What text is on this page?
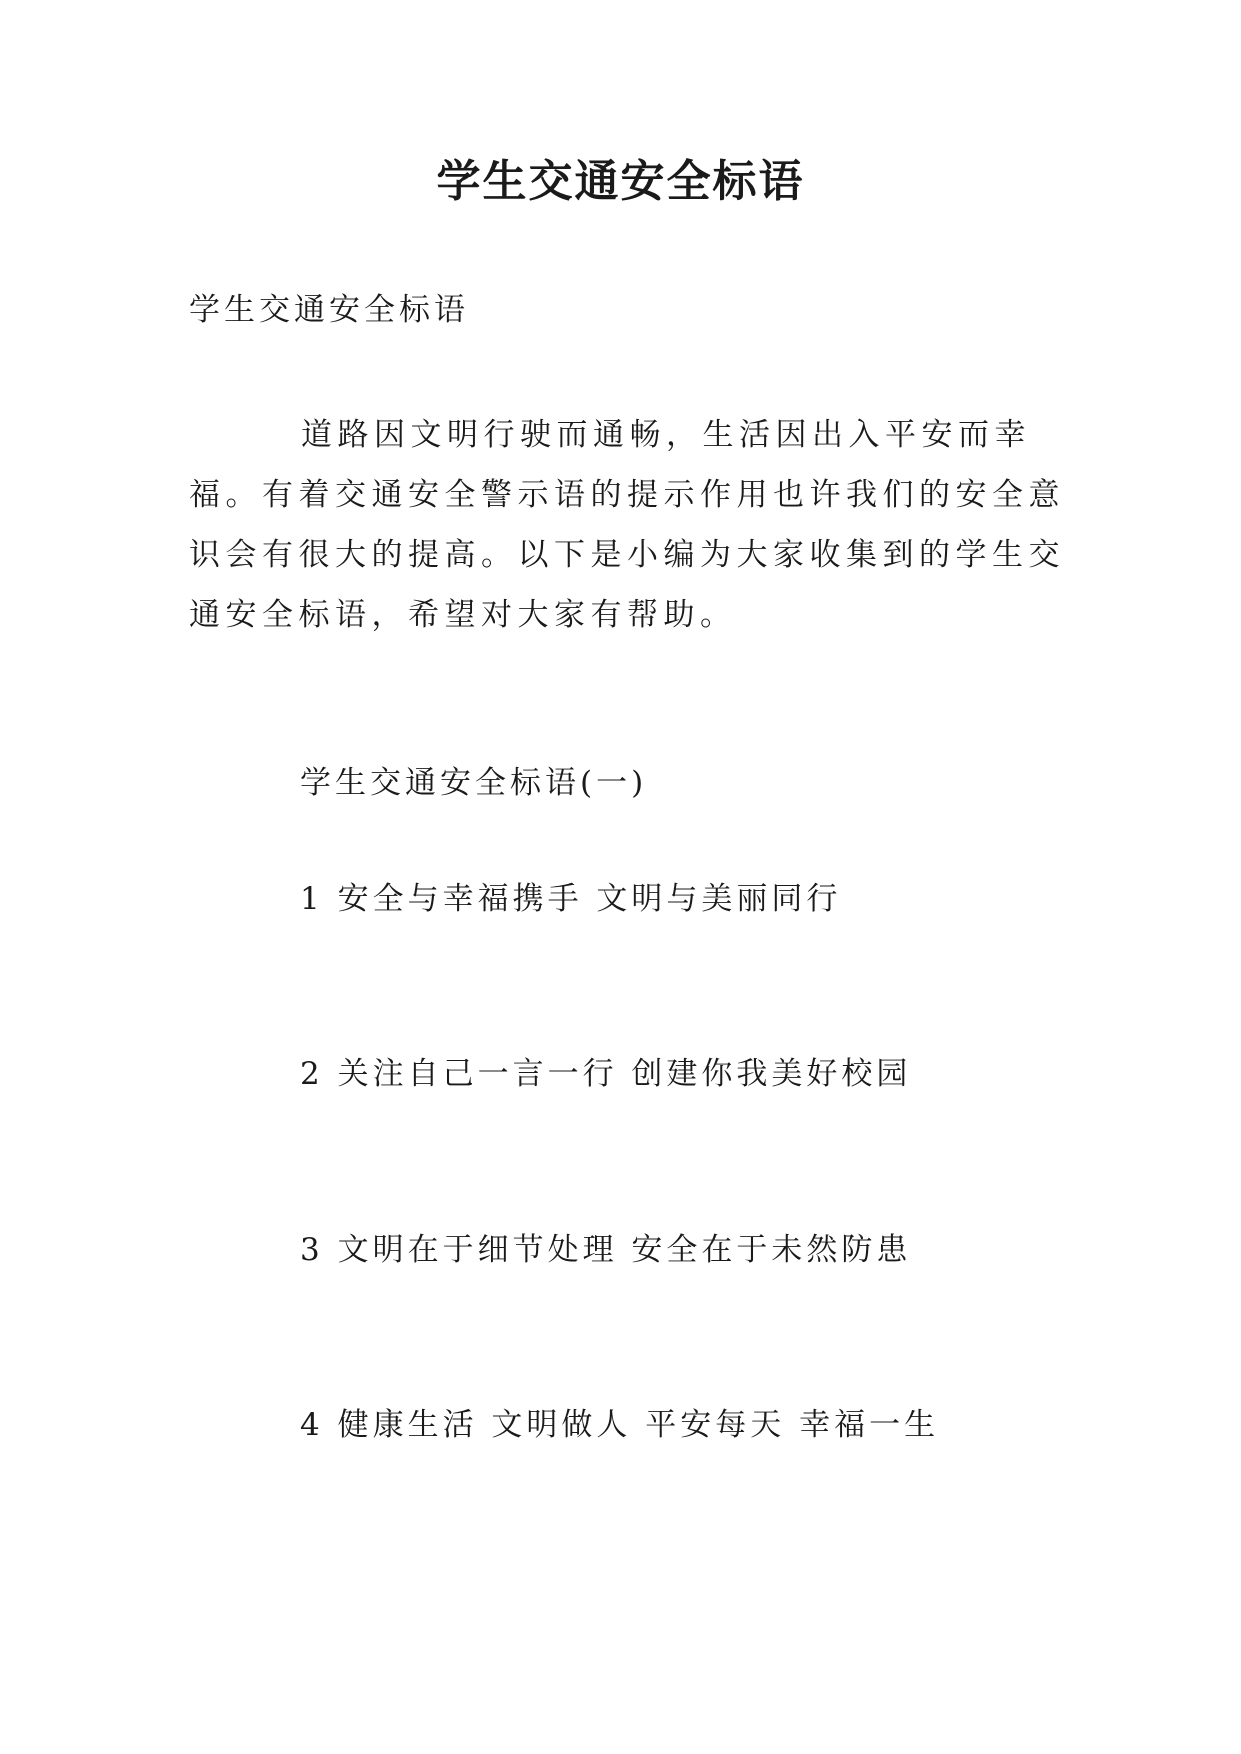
学生交通安全标语

学生交通安全标语

道路因文明行驶而通畅，生活因出入平安而幸福。有着交通安全警示语的提示作用也许我们的安全意识会有很大的提高。以下是小编为大家收集到的学生交通安全标语，希望对大家有帮助。

学生交通安全标语(一)

1 安全与幸福携手 文明与美丽同行

2 关注自己一言一行 创建你我美好校园

3 文明在于细节处理 安全在于未然防患

4 健康生活 文明做人 平安每天 幸福一生
